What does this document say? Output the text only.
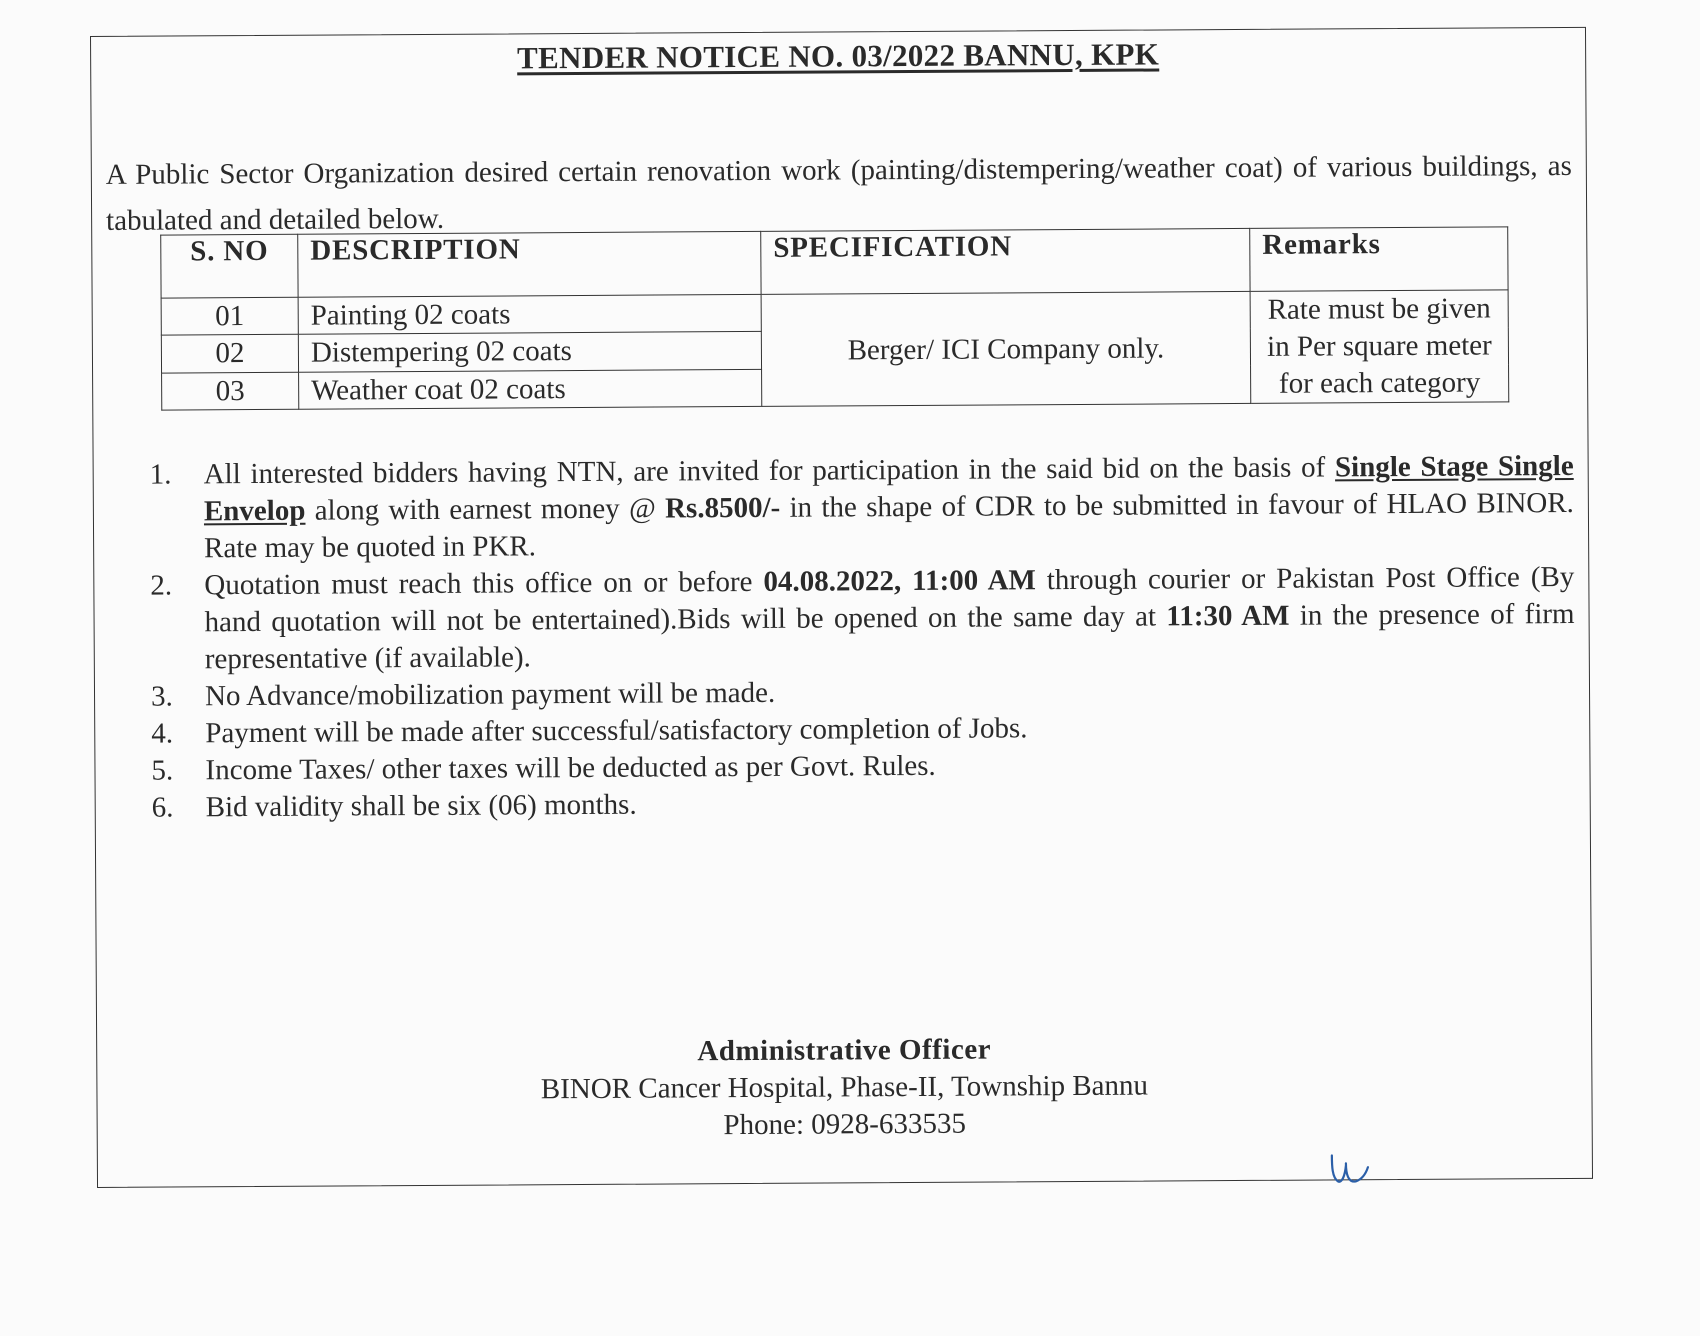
TENDER NOTICE NO. 03/2022 BANNU, KPK

A Public Sector Organization desired certain renovation work (painting/distempering/weather coat) of various buildings, as tabulated and detailed below.

S. NO	DESCRIPTION	SPECIFICATION	Remarks
01	Painting 02 coats	Berger/ ICI Company only.	Rate must be given in Per square meter for each category
02	Distempering 02 coats		
03	Weather coat 02 coats		
1. All interested bidders having NTN, are invited for participation in the said bid on the basis of Single Stage Single Envelop along with earnest money @ Rs.8500/- in the shape of CDR to be submitted in favour of HLAO BINOR. Rate may be quoted in PKR.
2. Quotation must reach this office on or before 04.08.2022, 11:00 AM through courier or Pakistan Post Office (By hand quotation will not be entertained).Bids will be opened on the same day at 11:30 AM in the presence of firm representative (if available).
3. No Advance/mobilization payment will be made.
4. Payment will be made after successful/satisfactory completion of Jobs.
5. Income Taxes/ other taxes will be deducted as per Govt. Rules.
6. Bid validity shall be six (06) months.
Administrative Officer
BINOR Cancer Hospital, Phase-II, Township Bannu
Phone: 0928-633535
